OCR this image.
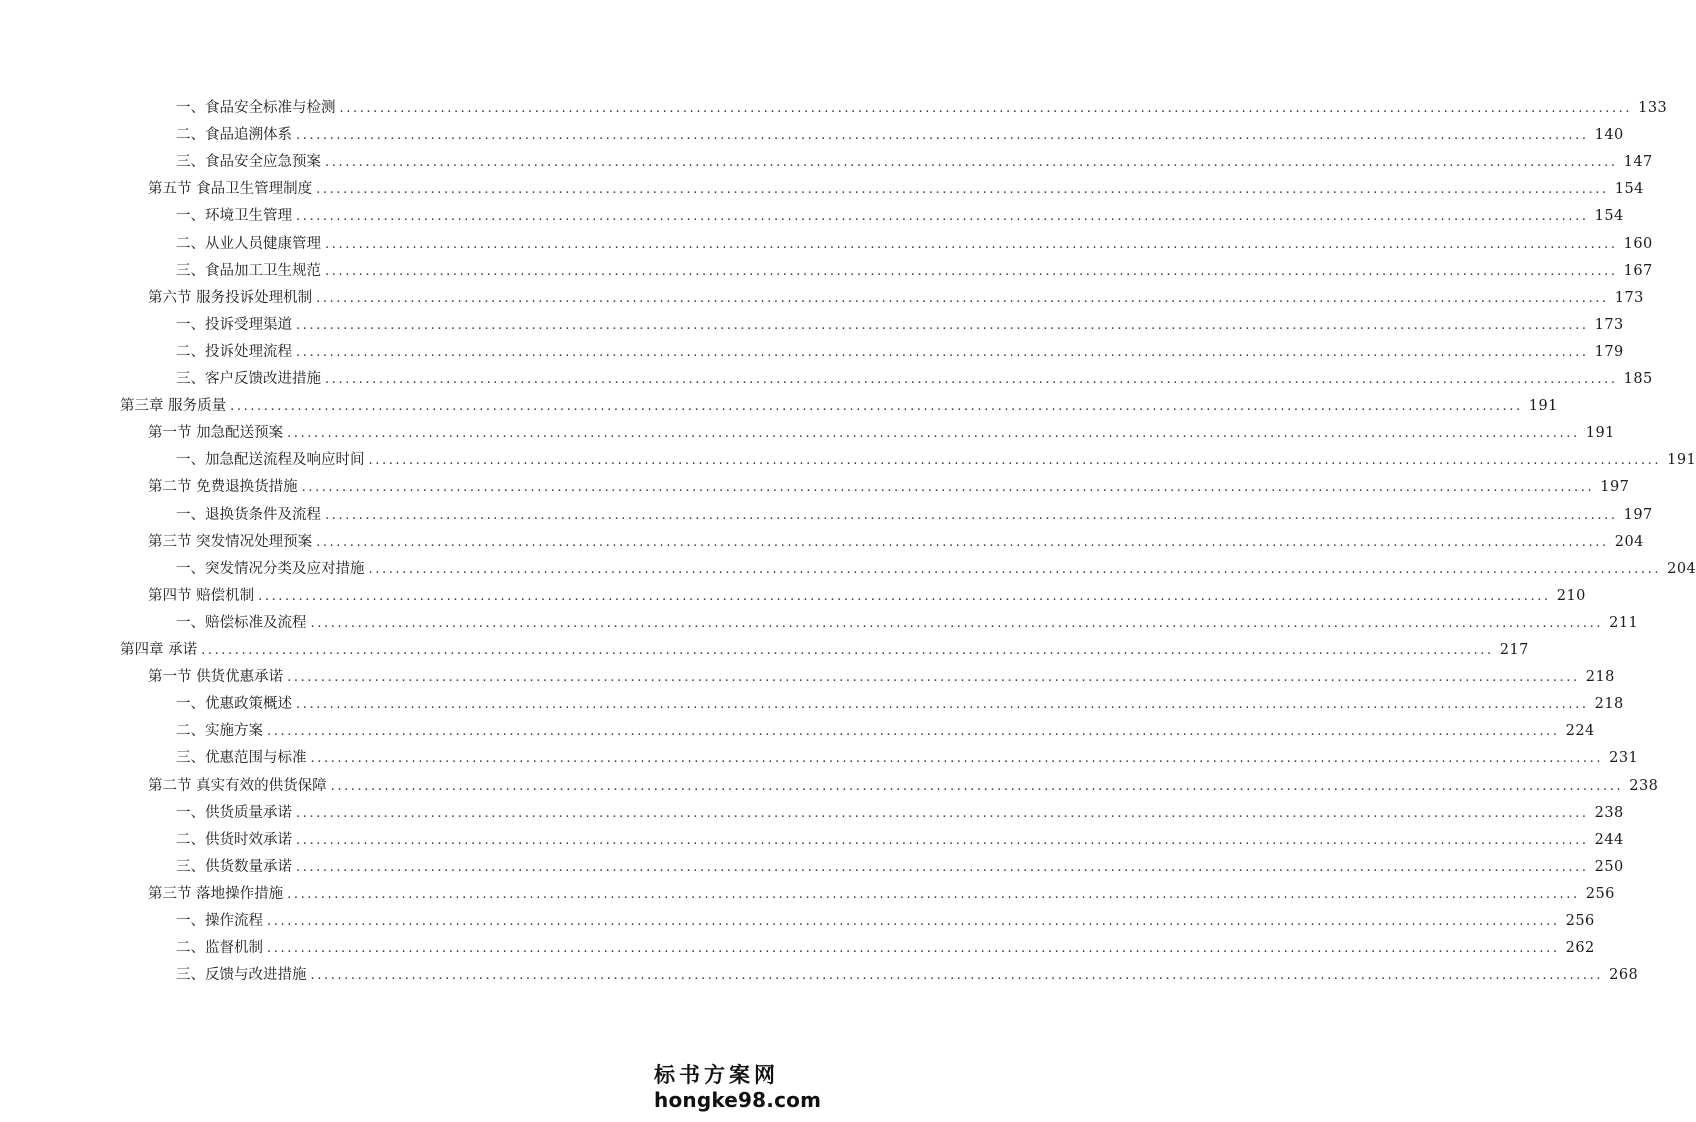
一、食品安全标准与检测 .....	133
二、食品追溯体系 .....	140
三、食品安全应急预案 .....	147
第五节 食品卫生管理制度 .....	154
一、环境卫生管理 .....	154
二、从业人员健康管理 .....	160
三、食品加工卫生规范 .....	167
第六节 服务投诉处理机制 .....	173
一、投诉受理渠道 .....	173
二、投诉处理流程 .....	179
三、客户反馈改进措施 .....	185
第三章 服务质量 .....	191
第一节 加急配送预案 .....	191
一、加急配送流程及响应时间 .....	191
第二节 免费退换货措施 .....	197
一、退换货条件及流程 .....	197
第三节 突发情况处理预案 .....	204
一、突发情况分类及应对措施 .....	204
第四节 赔偿机制 .....	210
一、赔偿标准及流程 .....	211
第四章 承诺 .....	217
第一节 供货优惠承诺 .....	218
一、优惠政策概述 .....	218
二、实施方案 .....	224
三、优惠范围与标准 .....	231
第二节 真实有效的供货保障 .....	238
一、供货质量承诺 .....	238
二、供货时效承诺 .....	244
三、供货数量承诺 .....	250
第三节 落地操作措施 .....	256
一、操作流程 .....	256
二、监督机制 .....	262
三、反馈与改进措施 .....	268
标书方案网
hongke98.com
